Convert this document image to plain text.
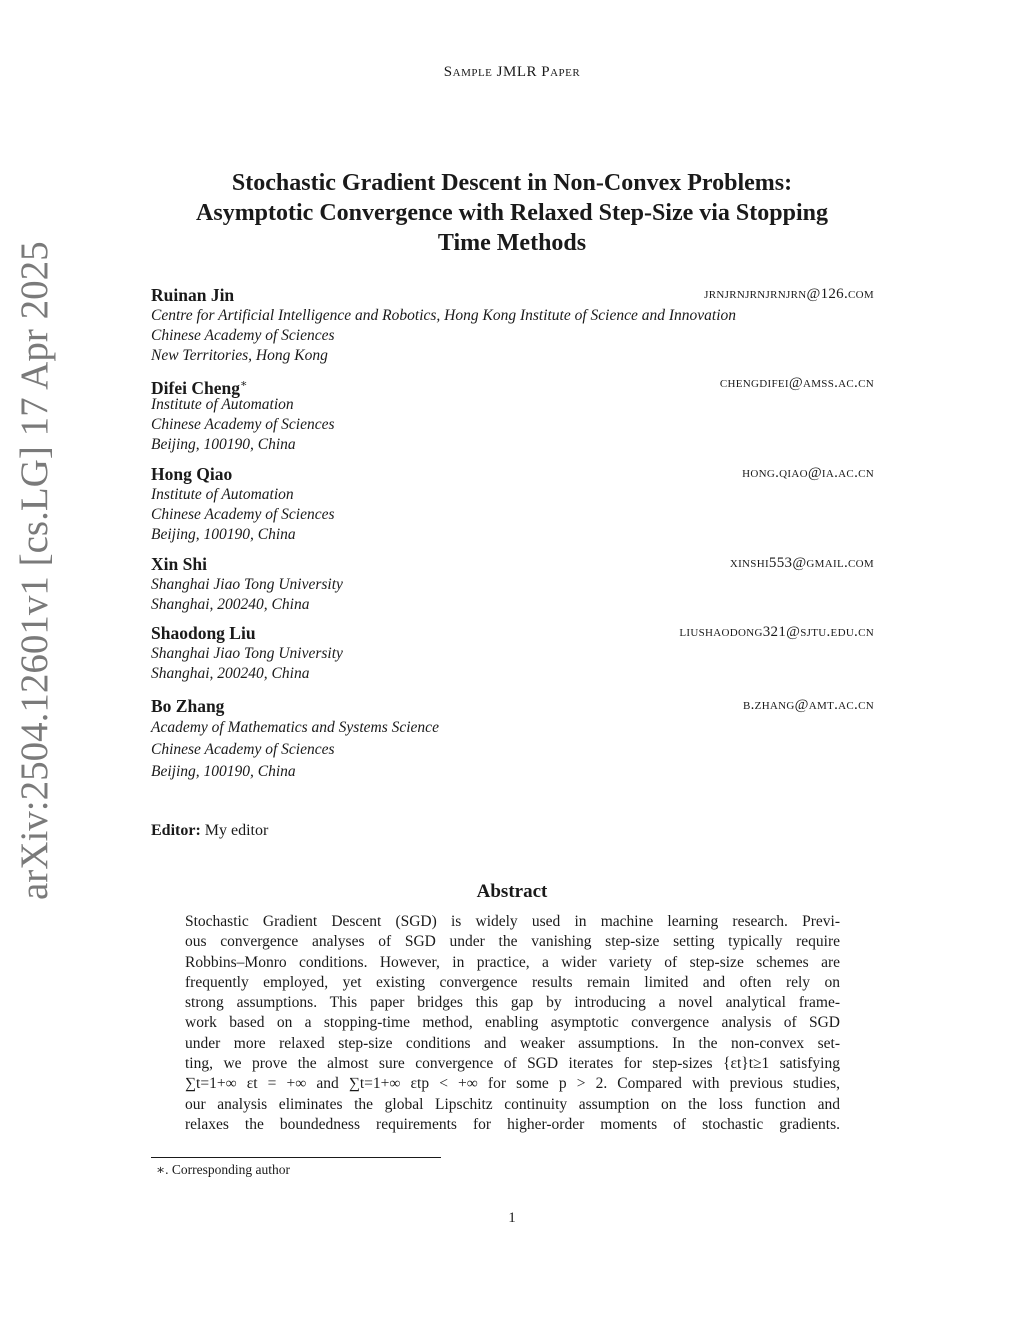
Sample JMLR Paper
arXiv:2504.12601v1 [cs.LG] 17 Apr 2025
Stochastic Gradient Descent in Non-Convex Problems:
Asymptotic Convergence with Relaxed Step-Size via Stopping
Time Methods
Ruinan Jin	jrnjrnjrnjrnjrn@126.com
Centre for Artificial Intelligence and Robotics, Hong Kong Institute of Science and Innovation
Chinese Academy of Sciences
New Territories, Hong Kong
Difei Cheng∗	chengdifei@amss.ac.cn
Institute of Automation
Chinese Academy of Sciences
Beijing, 100190, China
Hong Qiao	hong.qiao@ia.ac.cn
Institute of Automation
Chinese Academy of Sciences
Beijing, 100190, China
Xin Shi	xinshi553@gmail.com
Shanghai Jiao Tong University
Shanghai, 200240, China
Shaodong Liu	liushaodong321@sjtu.edu.cn
Shanghai Jiao Tong University
Shanghai, 200240, China
Bo Zhang	b.zhang@amt.ac.cn
Academy of Mathematics and Systems Science
Chinese Academy of Sciences
Beijing, 100190, China
Editor: My editor
Abstract
Stochastic Gradient Descent (SGD) is widely used in machine learning research. Previ-
ous convergence analyses of SGD under the vanishing step-size setting typically require
Robbins–Monro conditions. However, in practice, a wider variety of step-size schemes are
frequently employed, yet existing convergence results remain limited and often rely on
strong assumptions. This paper bridges this gap by introducing a novel analytical frame-
work based on a stopping-time method, enabling asymptotic convergence analysis of SGD
under more relaxed step-size conditions and weaker assumptions. In the non-convex set-
ting, we prove the almost sure convergence of SGD iterates for step-sizes {εt}t≥1 satisfying
∑t=1+∞ εt = +∞ and ∑t=1+∞ εtp < +∞ for some p > 2. Compared with previous studies,
our analysis eliminates the global Lipschitz continuity assumption on the loss function and
relaxes the boundedness requirements for higher-order moments of stochastic gradients.
∗. Corresponding author
1
